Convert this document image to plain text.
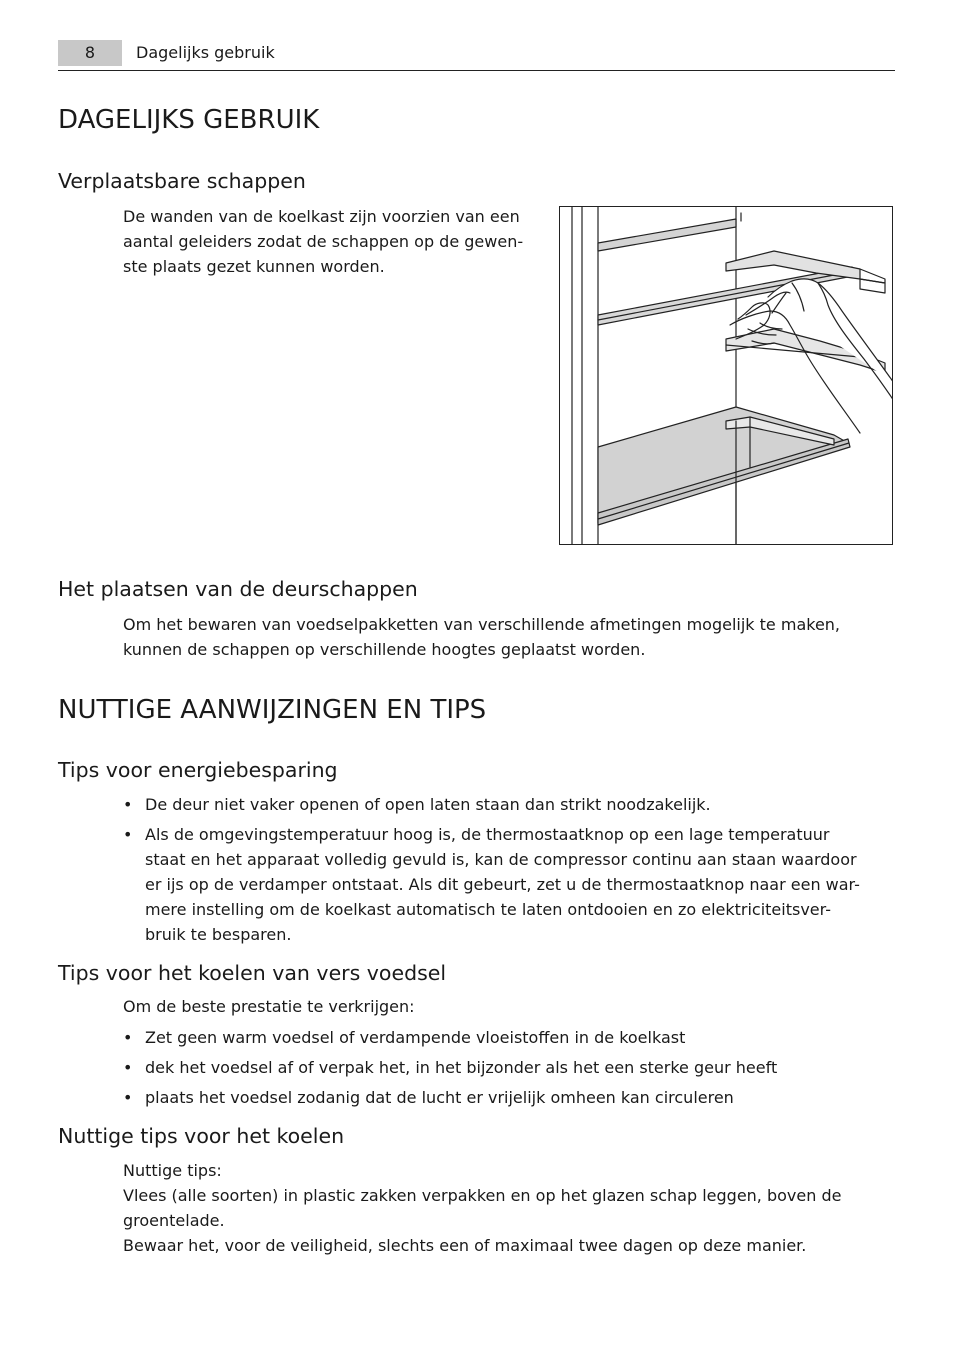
8	Dagelijks gebruik
DAGELIJKS GEBRUIK
Verplaatsbare schappen
De wanden van de koelkast zijn voorzien van een
aantal geleiders zodat de schappen op de gewen-
ste plaats gezet kunnen worden.
Het plaatsen van de deurschappen
Om het bewaren van voedselpakketten van verschillende afmetingen mogelijk te maken,
kunnen de schappen op verschillende hoogtes geplaatst worden.
NUTTIGE AANWIJZINGEN EN TIPS
Tips voor energiebesparing
• De deur niet vaker openen of open laten staan dan strikt noodzakelijk.
• Als de omgevingstemperatuur hoog is, de thermostaatknop op een lage temperatuur
staat en het apparaat volledig gevuld is, kan de compressor continu aan staan waardoor
er ijs op de verdamper ontstaat. Als dit gebeurt, zet u de thermostaatknop naar een war-
mere instelling om de koelkast automatisch te laten ontdooien en zo elektriciteitsver-
bruik te besparen.
Tips voor het koelen van vers voedsel
Om de beste prestatie te verkrijgen:
• Zet geen warm voedsel of verdampende vloeistoffen in de koelkast
• dek het voedsel af of verpak het, in het bijzonder als het een sterke geur heeft
• plaats het voedsel zodanig dat de lucht er vrijelijk omheen kan circuleren
Nuttige tips voor het koelen
Nuttige tips:
Vlees (alle soorten) in plastic zakken verpakken en op het glazen schap leggen, boven de
groentelade.
Bewaar het, voor de veiligheid, slechts een of maximaal twee dagen op deze manier.
